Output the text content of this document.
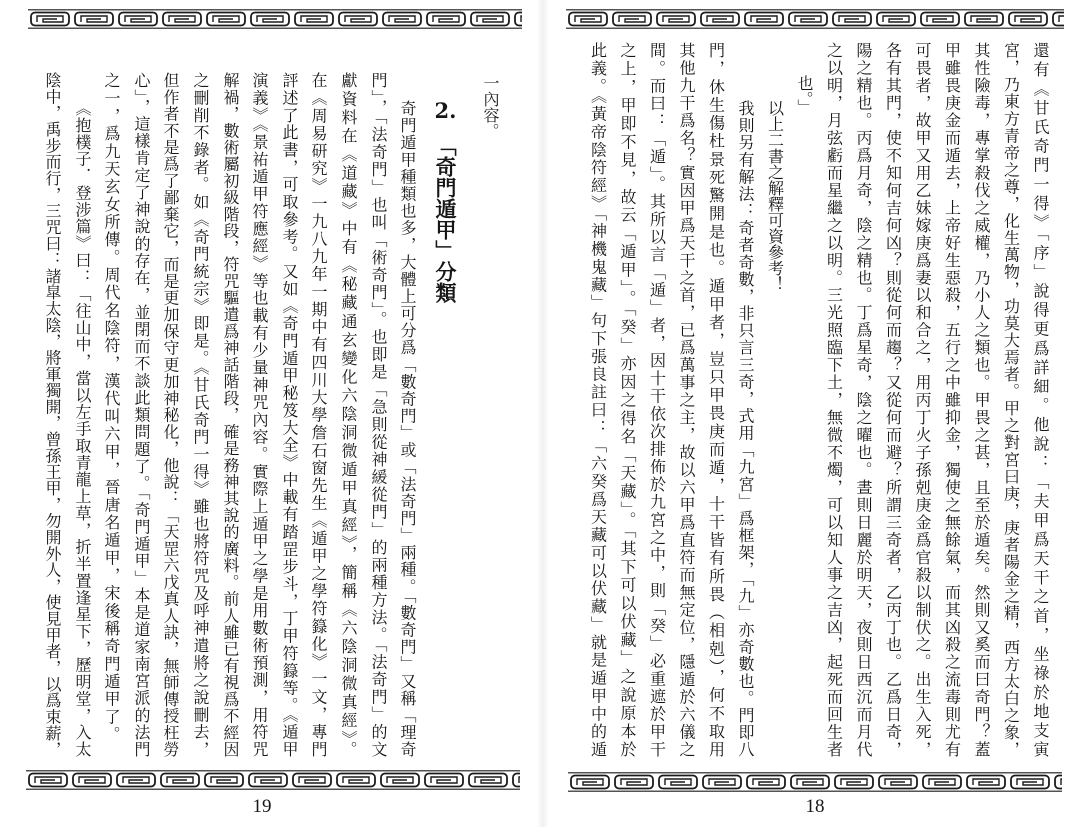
一內容。
2.「奇門遁甲」分類
奇門遁甲種類也多，大體上可分爲「數奇門」或「法奇門」兩種。「數奇門」又稱「理奇
門」，「法奇門」也叫「術奇門」。也即是「急則從神緩從門」的兩種方法。「法奇門」的文
獻資料在《道藏》中有《秘藏通玄變化六陰洞微遁甲真經》，簡稱《六陰洞微真經》。
在《周易研究》一九八九年一期中有四川大學詹石窗先生《遁甲之學符籙化》一文，專門
評述了此書，可取參考。又如《奇門遁甲秘笈大全》中載有踏罡步斗，丁甲符籙等。《遁甲
演義》《景祐遁甲符應經》等也載有少量神咒內容。實際上遁甲之學是用數術預測，用符咒
解禍，數術屬初級階段，符咒驅遣爲神話階段，確是務神其說的廣料。前人雖已有視爲不經因
之刪削不錄者。如《奇門統宗》即是。《甘氏奇門一得》雖也將符咒及呼神遣將之說刪去，
但作者不是爲了鄙棄它，而是更加保守更加神秘化，他說：「天罡六戊真人訣，無師傳授枉勞
心」，這樣肯定了神說的存在，並閉而不談此類問題了。「奇門遁甲」本是道家南宮派的法門
之一，爲九天玄女所傳。周代名陰符，漢代叫六甲，晉唐名遁甲，宋後稱奇門遁甲了。
《抱樸子．登涉篇》曰：「往山中，當以左手取青龍上草，折半置逢星下，歷明堂，入太
陰中，禹步而行，三咒曰：諸皐太陰，將軍獨開，曾孫王甲，勿開外人，使見甲者，以爲束薪，
19
還有《甘氏奇門一得》「序」說得更爲詳細。他說：「夫甲爲天干之首，坐祿於地支寅
宮，乃東方青帝之尊，化生萬物，功莫大焉者。甲之對宮曰庚，庚者陽金之精，西方太白之象，
其性險毒，專掌殺伐之威權，乃小人之類也。甲畏之甚，且至於遁矣。然則又奚而曰奇門？蓋
甲雖畏庚金而遁去，上帝好生惡殺，五行之中雖抑金，獨使之無餘氣，而其凶殺之流毒則尤有
可畏者，故甲又用乙妹嫁庚爲妻以和合之，用丙丁火子孫剋庚金爲官殺以制伏之。出生入死，
各有其門，使不知何吉何凶？則從何而趨？又從何而避？所謂三奇者，乙丙丁也。乙爲日奇，
陽之精也。丙爲月奇，陰之精也。丁爲星奇，陰之曜也。晝則日麗於明天，夜則日西沉而月代
之以明，月弦虧而星繼之以明。三光照臨下土，無微不燭，可以知人事之吉凶，起死而回生者
也。」
以上二書之解釋可資參考！
我則另有解法：奇者奇數，非只言三奇，式用「九宮」爲框架，「九」亦奇數也。門即八
門，休生傷杜景死驚開是也。遁甲者，豈只甲畏庚而遁，十干皆有所畏（相剋），何不取用
其他九干爲名？實因甲爲天干之首，已爲萬事之主，故以六甲爲直符而無定位，隱遁於六儀之
間。而曰：「遁」。其所以言「遁」者，因十干依次排佈於九宮之中，則「癸」必重遮於甲干
之上，甲即不見，故云「遁甲」。「癸」亦因之得名「天藏」。「其下可以伏藏」之說原本於
此義。《黃帝陰符經》「神機鬼藏」句下張良註曰：「六癸爲天藏可以伏藏」就是遁甲中的遁
18
